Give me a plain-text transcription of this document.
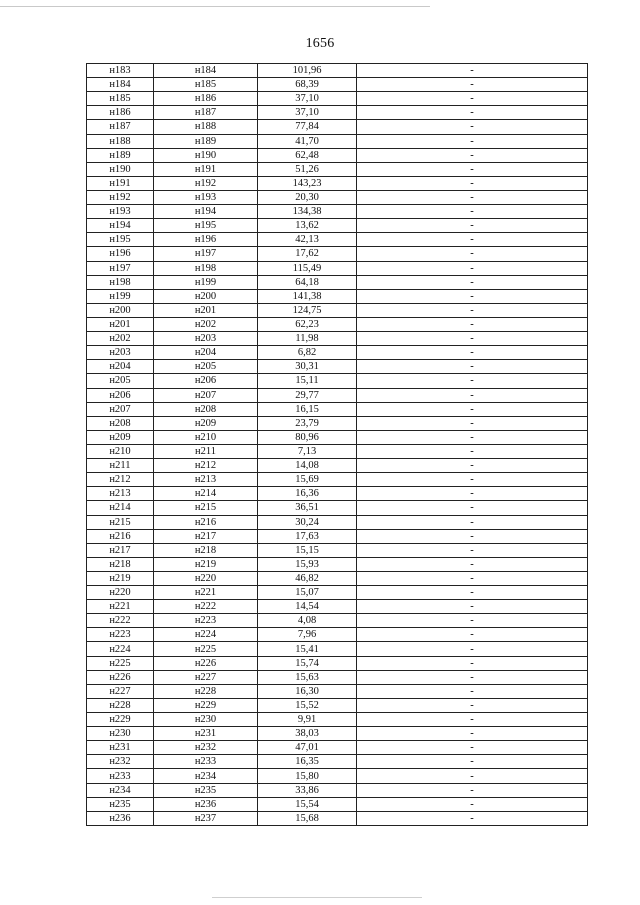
1656
н183	н184	101,96	-
н184	н185	68,39	-
н185	н186	37,10	-
н186	н187	37,10	-
н187	н188	77,84	-
н188	н189	41,70	-
н189	н190	62,48	-
н190	н191	51,26	-
н191	н192	143,23	-
н192	н193	20,30	-
н193	н194	134,38	-
н194	н195	13,62	-
н195	н196	42,13	-
н196	н197	17,62	-
н197	н198	115,49	-
н198	н199	64,18	-
н199	н200	141,38	-
н200	н201	124,75	-
н201	н202	62,23	-
н202	н203	11,98	-
н203	н204	6,82	-
н204	н205	30,31	-
н205	н206	15,11	-
н206	н207	29,77	-
н207	н208	16,15	-
н208	н209	23,79	-
н209	н210	80,96	-
н210	н211	7,13	-
н211	н212	14,08	-
н212	н213	15,69	-
н213	н214	16,36	-
н214	н215	36,51	-
н215	н216	30,24	-
н216	н217	17,63	-
н217	н218	15,15	-
н218	н219	15,93	-
н219	н220	46,82	-
н220	н221	15,07	-
н221	н222	14,54	-
н222	н223	4,08	-
н223	н224	7,96	-
н224	н225	15,41	-
н225	н226	15,74	-
н226	н227	15,63	-
н227	н228	16,30	-
н228	н229	15,52	-
н229	н230	9,91	-
н230	н231	38,03	-
н231	н232	47,01	-
н232	н233	16,35	-
н233	н234	15,80	-
н234	н235	33,86	-
н235	н236	15,54	-
н236	н237	15,68	-
